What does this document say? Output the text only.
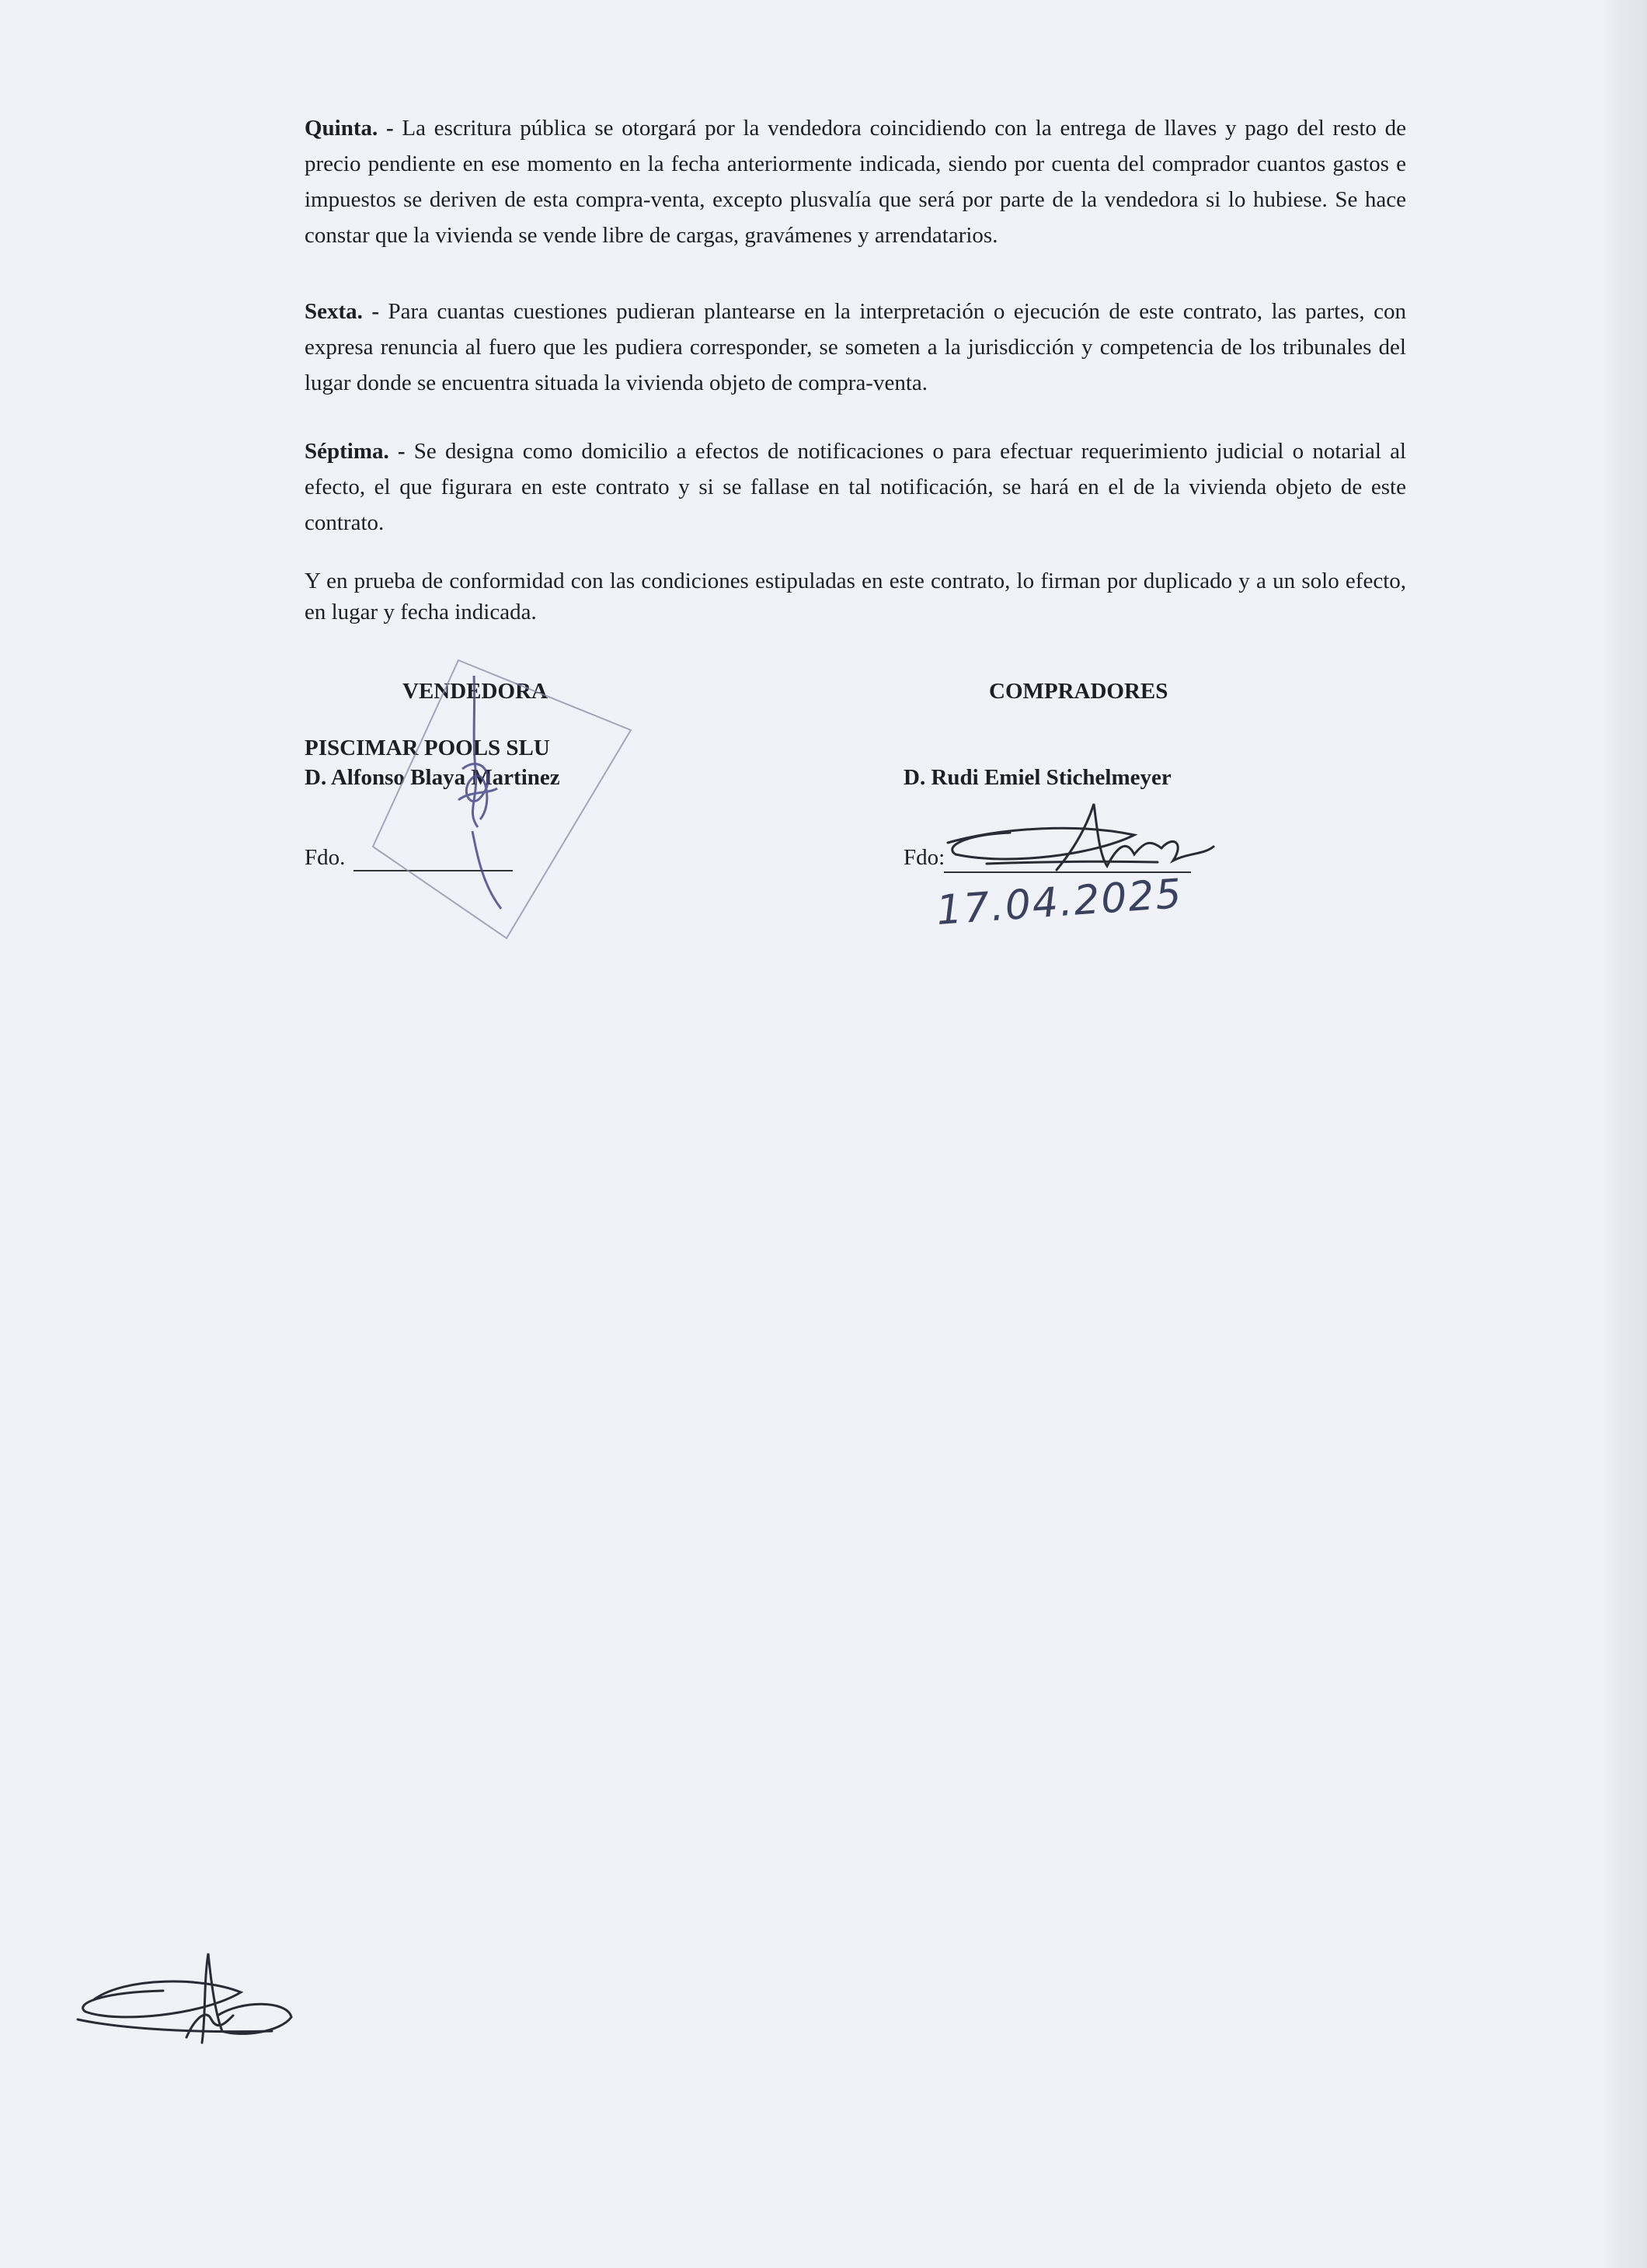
Quinta. - La escritura pública se otorgará por la vendedora coincidiendo con la entrega de llaves y pago del resto de precio pendiente en ese momento en la fecha anteriormente indicada, siendo por cuenta del comprador cuantos gastos e impuestos se deriven de esta compra-venta, excepto plusvalía que será por parte de la vendedora si lo hubiese. Se hace constar que la vivienda se vende libre de cargas, gravámenes y arrendatarios.

Sexta. - Para cuantas cuestiones pudieran plantearse en la interpretación o ejecución de este contrato, las partes, con expresa renuncia al fuero que les pudiera corresponder, se someten a la jurisdicción y competencia de los tribunales del lugar donde se encuentra situada la vivienda objeto de compra-venta.

Séptima. - Se designa como domicilio a efectos de notificaciones o para efectuar requerimiento judicial o notarial al efecto, el que figurara en este contrato y si se fallase en tal notificación, se hará en el de la vivienda objeto de este contrato.

Y en prueba de conformidad con las condiciones estipuladas en este contrato, lo firman por duplicado y a un solo efecto, en lugar y fecha indicada.

VENDEDORA
PISCIMAR POOLS SLU
D. Alfonso Blaya Martinez
Fdo.
COMPRADORES
D. Rudi Emiel Stichelmeyer
Fdo:
17.04.2025
